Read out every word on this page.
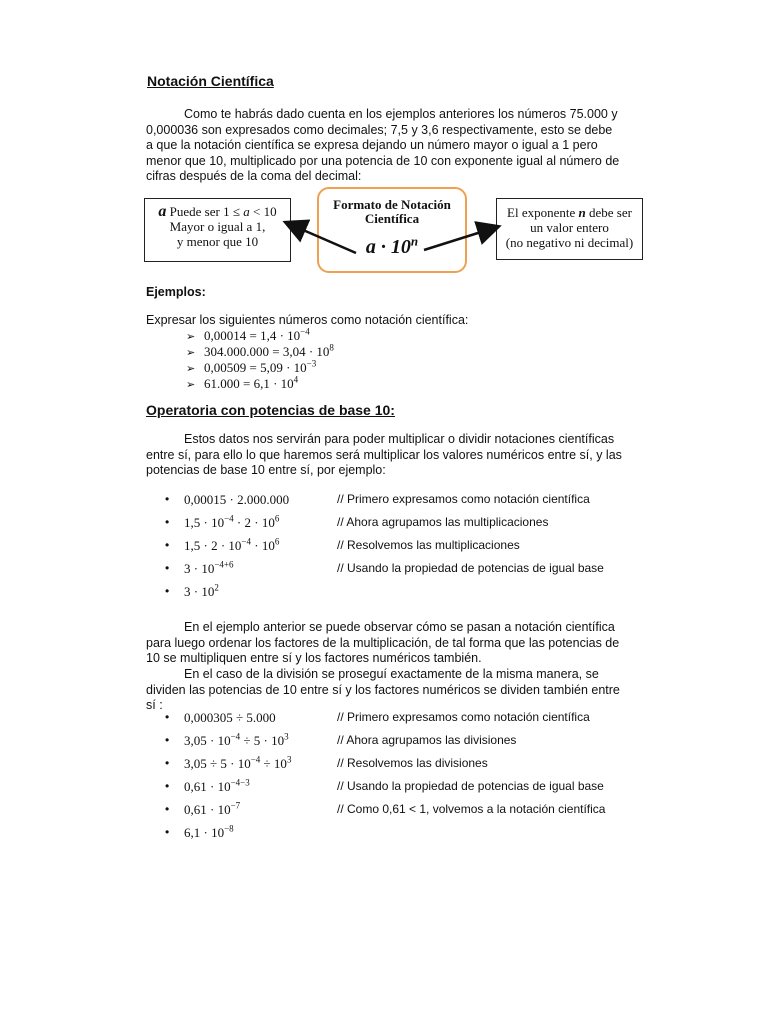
Notación Científica
Como te habrás dado cuenta en los ejemplos anteriores los números 75.000 y 0,000036 son expresados como decimales; 7,5 y 3,6 respectivamente, esto se debe a que la notación científica se expresa dejando un número mayor o igual a 1 pero menor que 10, multiplicado por una potencia de 10 con exponente igual al número de cifras después de la coma del decimal:
a Puede ser 1 ≤ a < 10
Mayor o igual a 1,
y menor que 10
Formato de Notación
Científica
$a \cdot 10^n$
El exponente n debe ser
un valor entero
(no negativo ni decimal)
Ejemplos:
Expresar los siguientes números como notación científica:
➢ $0,00014 = 1,4 \cdot 10^{-4}$
➢ $304.000.000 = 3,04 \cdot 10^8$
➢ $0,00509 = 5,09 \cdot 10^{-3}$
➢ $61.000 = 6,1 \cdot 10^4$
Operatoria con potencias de base 10:
Estos datos nos servirán para poder multiplicar o dividir notaciones científicas entre sí, para ello lo que haremos será multiplicar los valores numéricos entre sí, y las potencias de base 10 entre sí, por ejemplo:
• 0,00015 · 2.000.000	// Primero expresamos como notación científica
• $1,5 \cdot 10^{-4} \cdot 2 \cdot 10^6$	// Ahora agrupamos las multiplicaciones
• $1,5 \cdot 2 \cdot 10^{-4} \cdot 10^6$	// Resolvemos las multiplicaciones
• $3 \cdot 10^{-4+6}$	// Usando la propiedad de potencias de igual base
• $3 \cdot 10^2$
En el ejemplo anterior se puede observar cómo se pasan a notación científica para luego ordenar los factores de la multiplicación, de tal forma que las potencias de 10 se multipliquen entre sí y los factores numéricos también.
En el caso de la división se proseguí exactamente de la misma manera, se dividen las potencias de 10 entre sí y los factores numéricos se dividen también entre sí :
• 0,000305 ÷ 5.000	// Primero expresamos como notación científica
• $3,05 \cdot 10^{-4} \div 5 \cdot 10^3$	// Ahora agrupamos las divisiones
• $3,05 \div 5 \cdot 10^{-4} \div 10^3$	// Resolvemos las divisiones
• $0,61 \cdot 10^{-4-3}$	// Usando la propiedad de potencias de igual base
• $0,61 \cdot 10^{-7}$	// Como 0,61 < 1, volvemos a la notación científica
• $6,1 \cdot 10^{-8}$
